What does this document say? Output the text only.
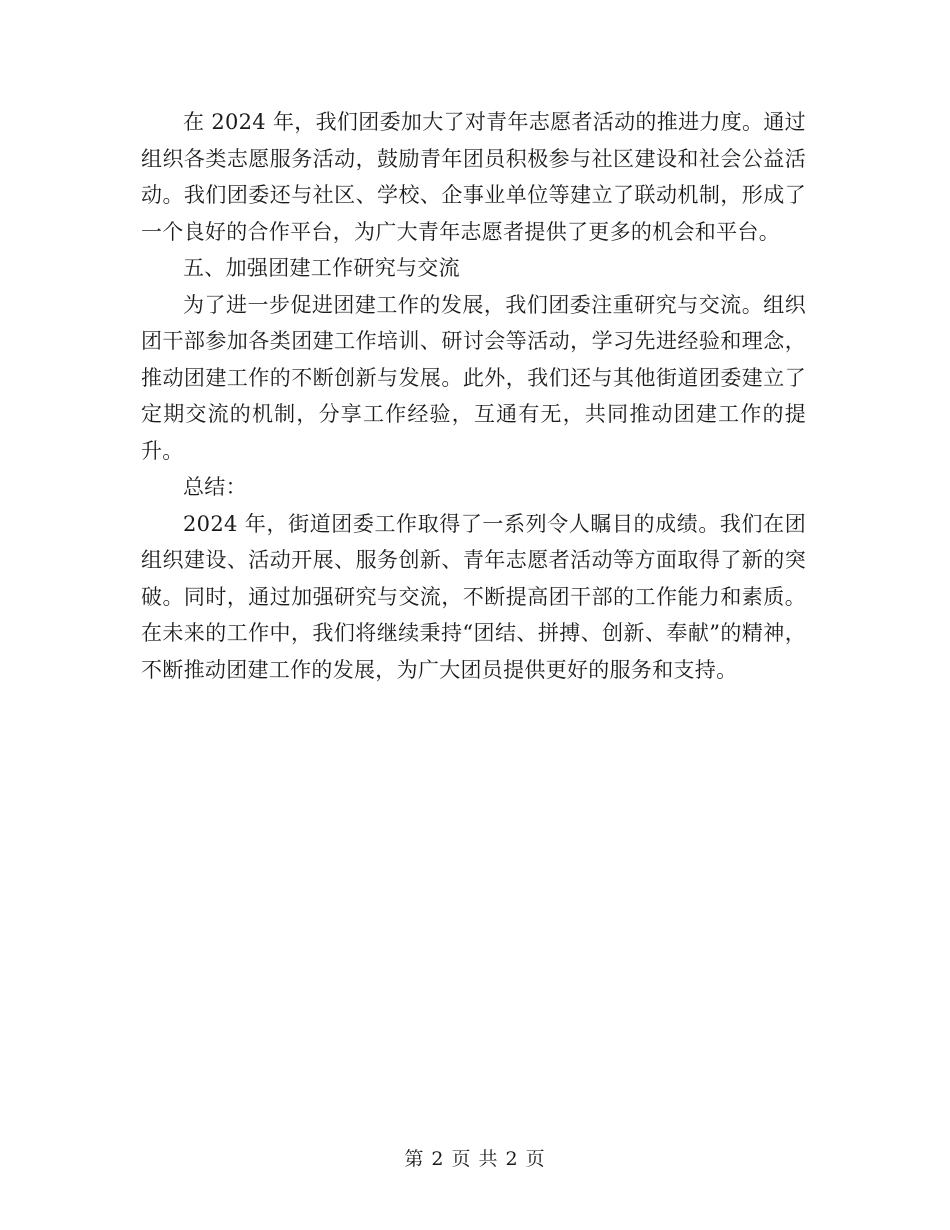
在 2024 年，我们团委加大了对青年志愿者活动的推进力度。通过组织各类志愿服务活动，鼓励青年团员积极参与社区建设和社会公益活动。我们团委还与社区、学校、企事业单位等建立了联动机制，形成了一个良好的合作平台，为广大青年志愿者提供了更多的机会和平台。

五、加强团建工作研究与交流

为了进一步促进团建工作的发展，我们团委注重研究与交流。组织团干部参加各类团建工作培训、研讨会等活动，学习先进经验和理念，推动团建工作的不断创新与发展。此外，我们还与其他街道团委建立了定期交流的机制，分享工作经验，互通有无，共同推动团建工作的提升。

总结：

2024 年，街道团委工作取得了一系列令人瞩目的成绩。我们在团组织建设、活动开展、服务创新、青年志愿者活动等方面取得了新的突破。同时，通过加强研究与交流，不断提高团干部的工作能力和素质。在未来的工作中，我们将继续秉持“团结、拼搏、创新、奉献”的精神，不断推动团建工作的发展，为广大团员提供更好的服务和支持。

第 2 页 共 2 页
